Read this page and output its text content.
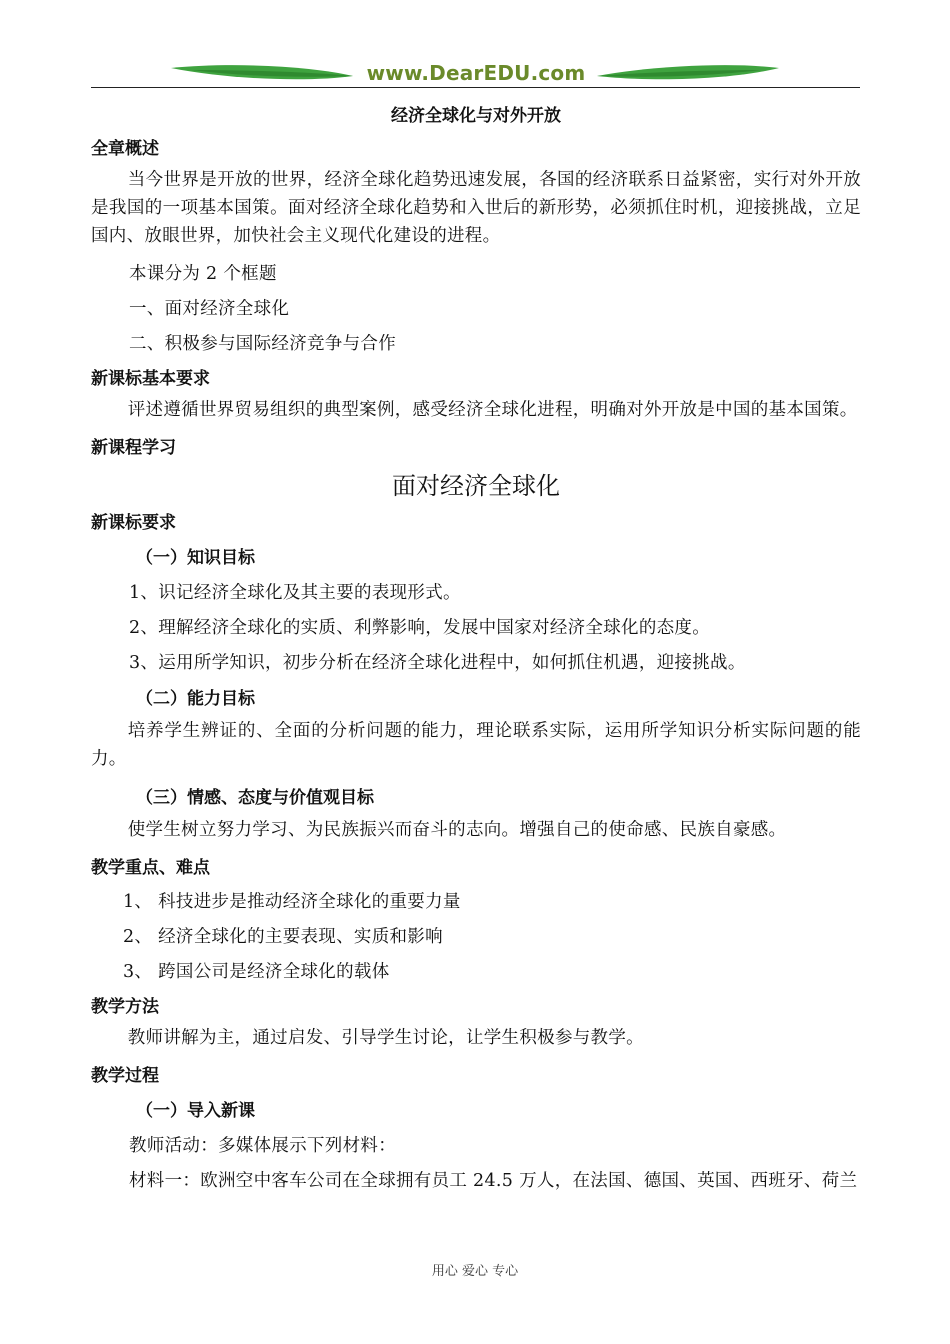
www.DearEDU.com
经济全球化与对外开放
全章概述
当今世界是开放的世界，经济全球化趋势迅速发展，各国的经济联系日益紧密，实行对外开放是我国的一项基本国策。面对经济全球化趋势和入世后的新形势，必须抓住时机，迎接挑战，立足国内、放眼世界，加快社会主义现代化建设的进程。
本课分为 2 个框题
一、面对经济全球化
二、积极参与国际经济竞争与合作
新课标基本要求
评述遵循世界贸易组织的典型案例，感受经济全球化进程，明确对外开放是中国的基本国策。
新课程学习
面对经济全球化
新课标要求
（一）知识目标
1、识记经济全球化及其主要的表现形式。
2、理解经济全球化的实质、利弊影响，发展中国家对经济全球化的态度。
3、运用所学知识，初步分析在经济全球化进程中，如何抓住机遇，迎接挑战。
（二）能力目标
培养学生辨证的、全面的分析问题的能力，理论联系实际，运用所学知识分析实际问题的能力。
（三）情感、态度与价值观目标
使学生树立努力学习、为民族振兴而奋斗的志向。增强自己的使命感、民族自豪感。
教学重点、难点
1、 科技进步是推动经济全球化的重要力量
2、 经济全球化的主要表现、实质和影响
3、 跨国公司是经济全球化的载体
教学方法
教师讲解为主，通过启发、引导学生讨论，让学生积极参与教学。
教学过程
（一）导入新课
教师活动：多媒体展示下列材料：
材料一：欧洲空中客车公司在全球拥有员工 24.5 万人，在法国、德国、英国、西班牙、荷兰
用心 爱心 专心
